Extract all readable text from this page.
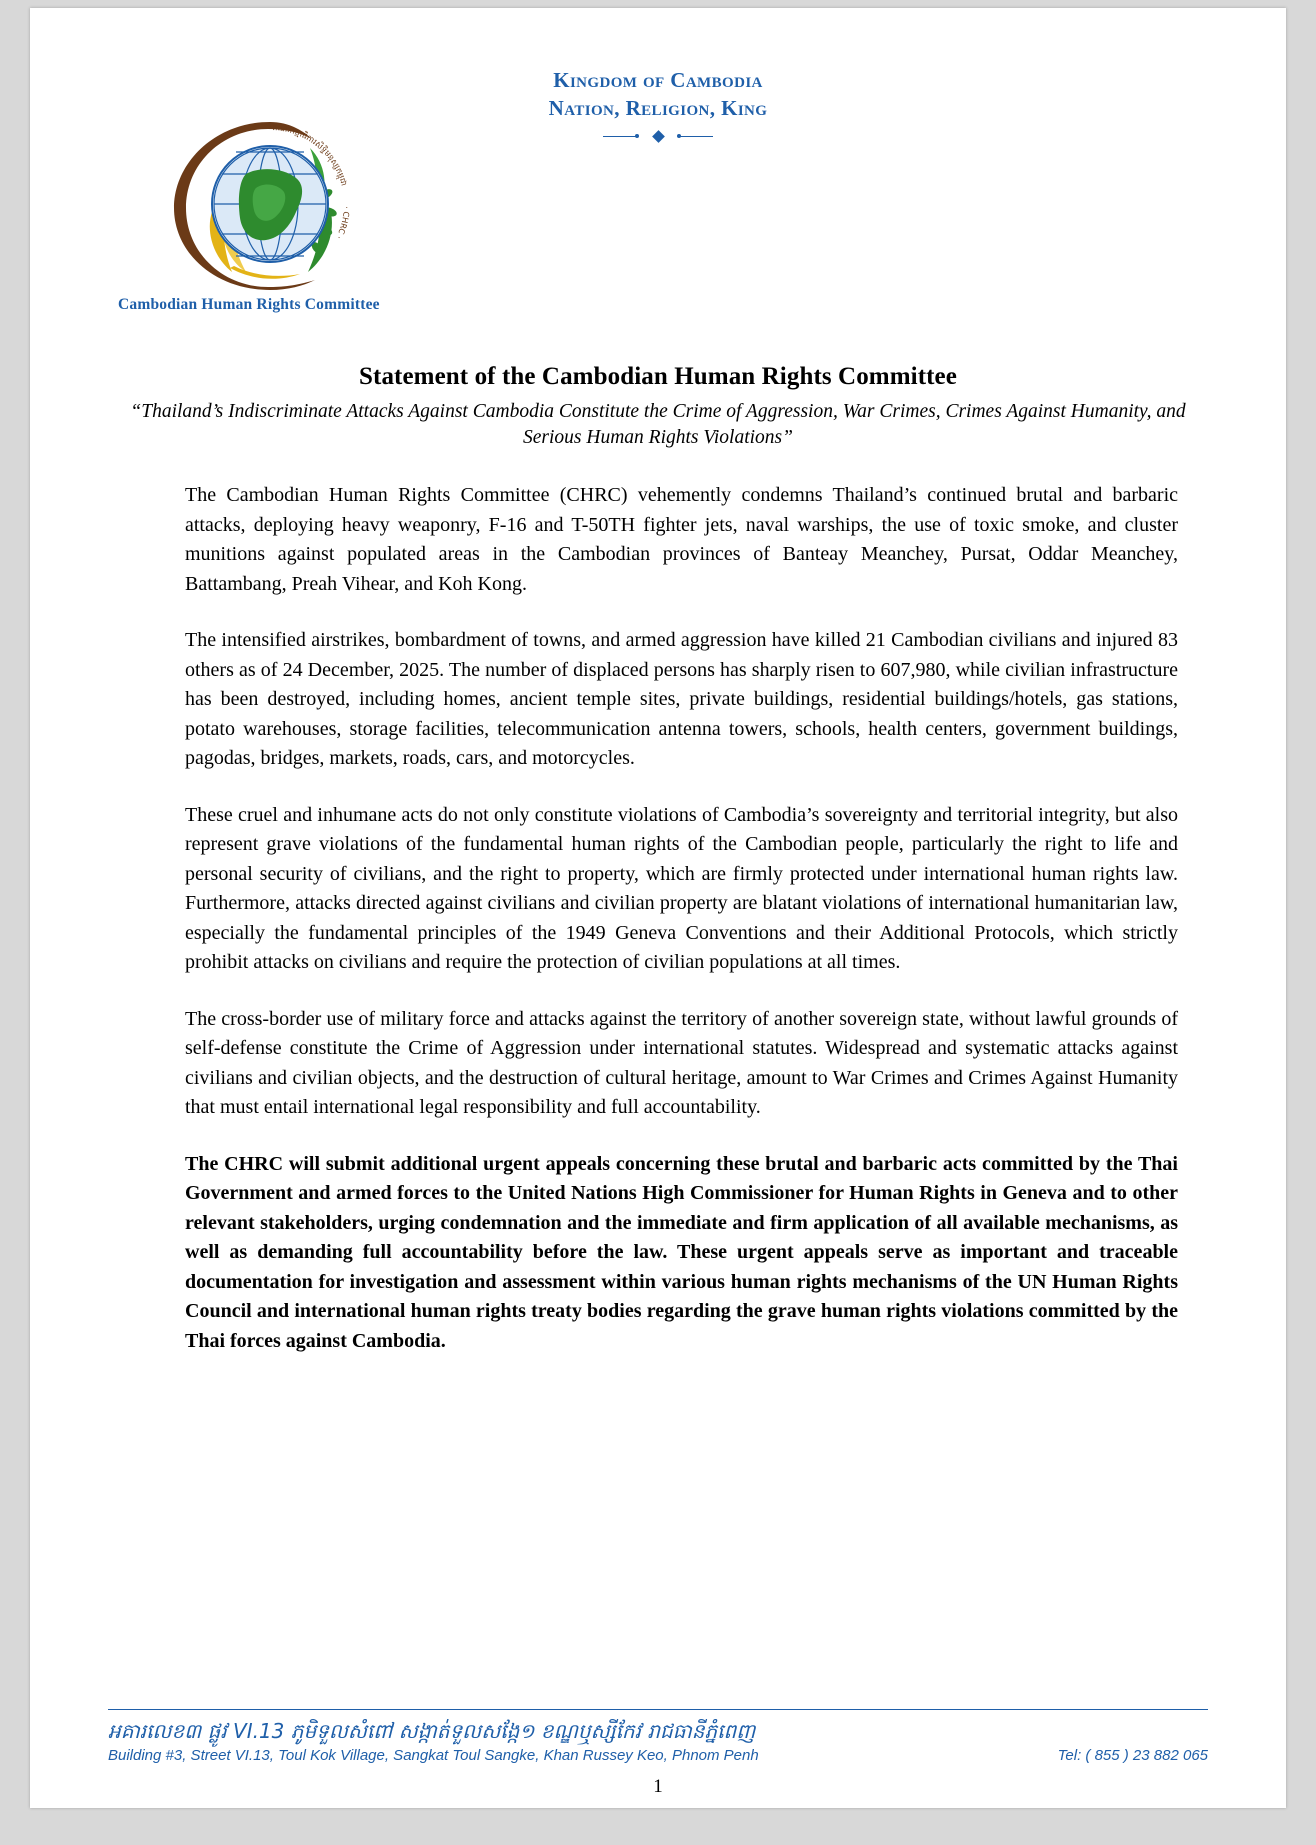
Kingdom of Cambodia
Nation, Religion, King
គណៈកម្មាធិការសិទ្ធិមនុស្សកម្ពុជា
· CHRC ·
Cambodian Human Rights Committee
Statement of the Cambodian Human Rights Committee

“Thailand’s Indiscriminate Attacks Against Cambodia Constitute the Crime of Aggression, War Crimes, Crimes Against Humanity, and Serious Human Rights Violations”

The Cambodian Human Rights Committee (CHRC) vehemently condemns Thailand’s continued brutal and barbaric attacks, deploying heavy weaponry, F-16 and T-50TH fighter jets, naval warships, the use of toxic smoke, and cluster munitions against populated areas in the Cambodian provinces of Banteay Meanchey, Pursat, Oddar Meanchey, Battambang, Preah Vihear, and Koh Kong.

The intensified airstrikes, bombardment of towns, and armed aggression have killed 21 Cambodian civilians and injured 83 others as of 24 December, 2025. The number of displaced persons has sharply risen to 607,980, while civilian infrastructure has been destroyed, including homes, ancient temple sites, private buildings, residential buildings/hotels, gas stations, potato warehouses, storage facilities, telecommunication antenna towers, schools, health centers, government buildings, pagodas, bridges, markets, roads, cars, and motorcycles.

These cruel and inhumane acts do not only constitute violations of Cambodia’s sovereignty and territorial integrity, but also represent grave violations of the fundamental human rights of the Cambodian people, particularly the right to life and personal security of civilians, and the right to property, which are firmly protected under international human rights law. Furthermore, attacks directed against civilians and civilian property are blatant violations of international humanitarian law, especially the fundamental principles of the 1949 Geneva Conventions and their Additional Protocols, which strictly prohibit attacks on civilians and require the protection of civilian populations at all times.

The cross-border use of military force and attacks against the territory of another sovereign state, without lawful grounds of self-defense constitute the Crime of Aggression under international statutes. Widespread and systematic attacks against civilians and civilian objects, and the destruction of cultural heritage, amount to War Crimes and Crimes Against Humanity that must entail international legal responsibility and full accountability.

The CHRC will submit additional urgent appeals concerning these brutal and barbaric acts committed by the Thai Government and armed forces to the United Nations High Commissioner for Human Rights in Geneva and to other relevant stakeholders, urging condemnation and the immediate and firm application of all available mechanisms, as well as demanding full accountability before the law. These urgent appeals serve as important and traceable documentation for investigation and assessment within various human rights mechanisms of the UN Human Rights Council and international human rights treaty bodies regarding the grave human rights violations committed by the Thai forces against Cambodia.

អគារលេខ៣ ផ្លូវ VI.13 ភូមិទួលសំពៅ សង្កាត់ទួលសង្កែ១ ខណ្ឌឬស្សីកែវ រាជធានីភ្នំពេញ
Building #3, Street VI.13, Toul Kok Village, Sangkat Toul Sangke, Khan Russey Keo, Phnom Penh	Tel: ( 855 ) 23 882 065
1
